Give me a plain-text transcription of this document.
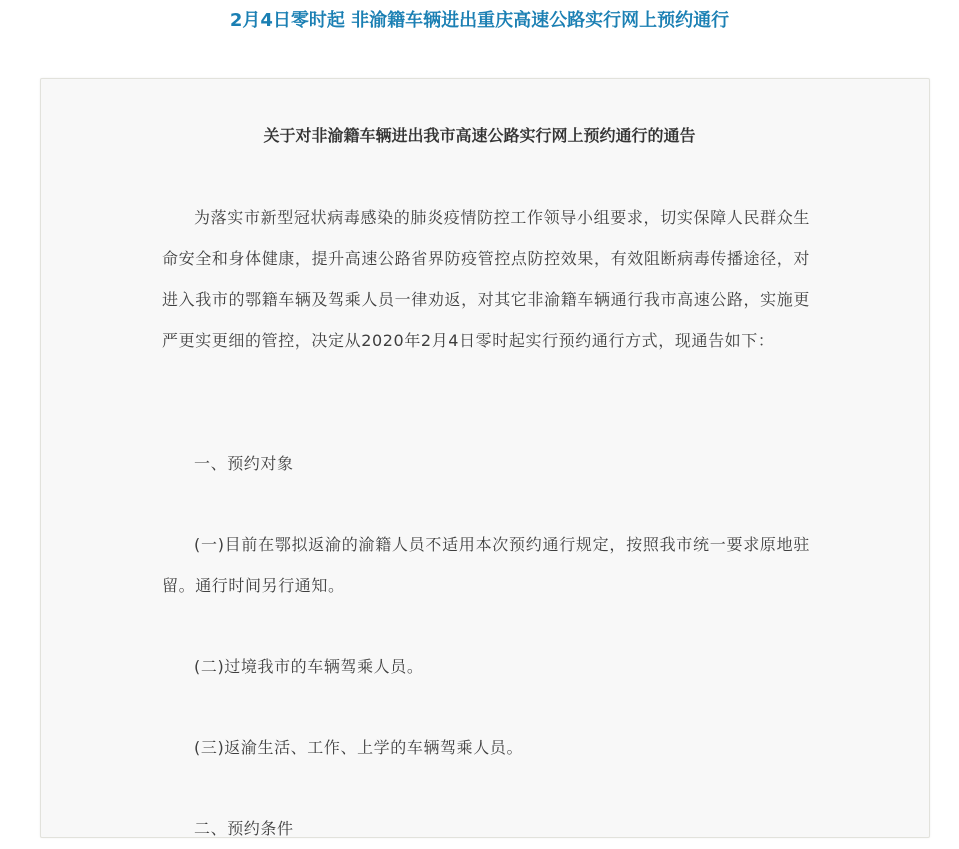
2月4日零时起 非渝籍车辆进出重庆高速公路实行网上预约通行
关于对非渝籍车辆进出我市高速公路实行网上预约通行的通告

为落实市新型冠状病毒感染的肺炎疫情防控工作领导小组要求，切实保障人民群众生命安全和身体健康，提升高速公路省界防疫管控点防控效果，有效阻断病毒传播途径，对进入我市的鄂籍车辆及驾乘人员一律劝返，对其它非渝籍车辆通行我市高速公路，实施更严更实更细的管控，决定从2020年2月4日零时起实行预约通行方式，现通告如下：

一、预约对象

(一)目前在鄂拟返渝的渝籍人员不适用本次预约通行规定，按照我市统一要求原地驻留。通行时间另行通知。

(二)过境我市的车辆驾乘人员。

(三)返渝生活、工作、上学的车辆驾乘人员。

二、预约条件
